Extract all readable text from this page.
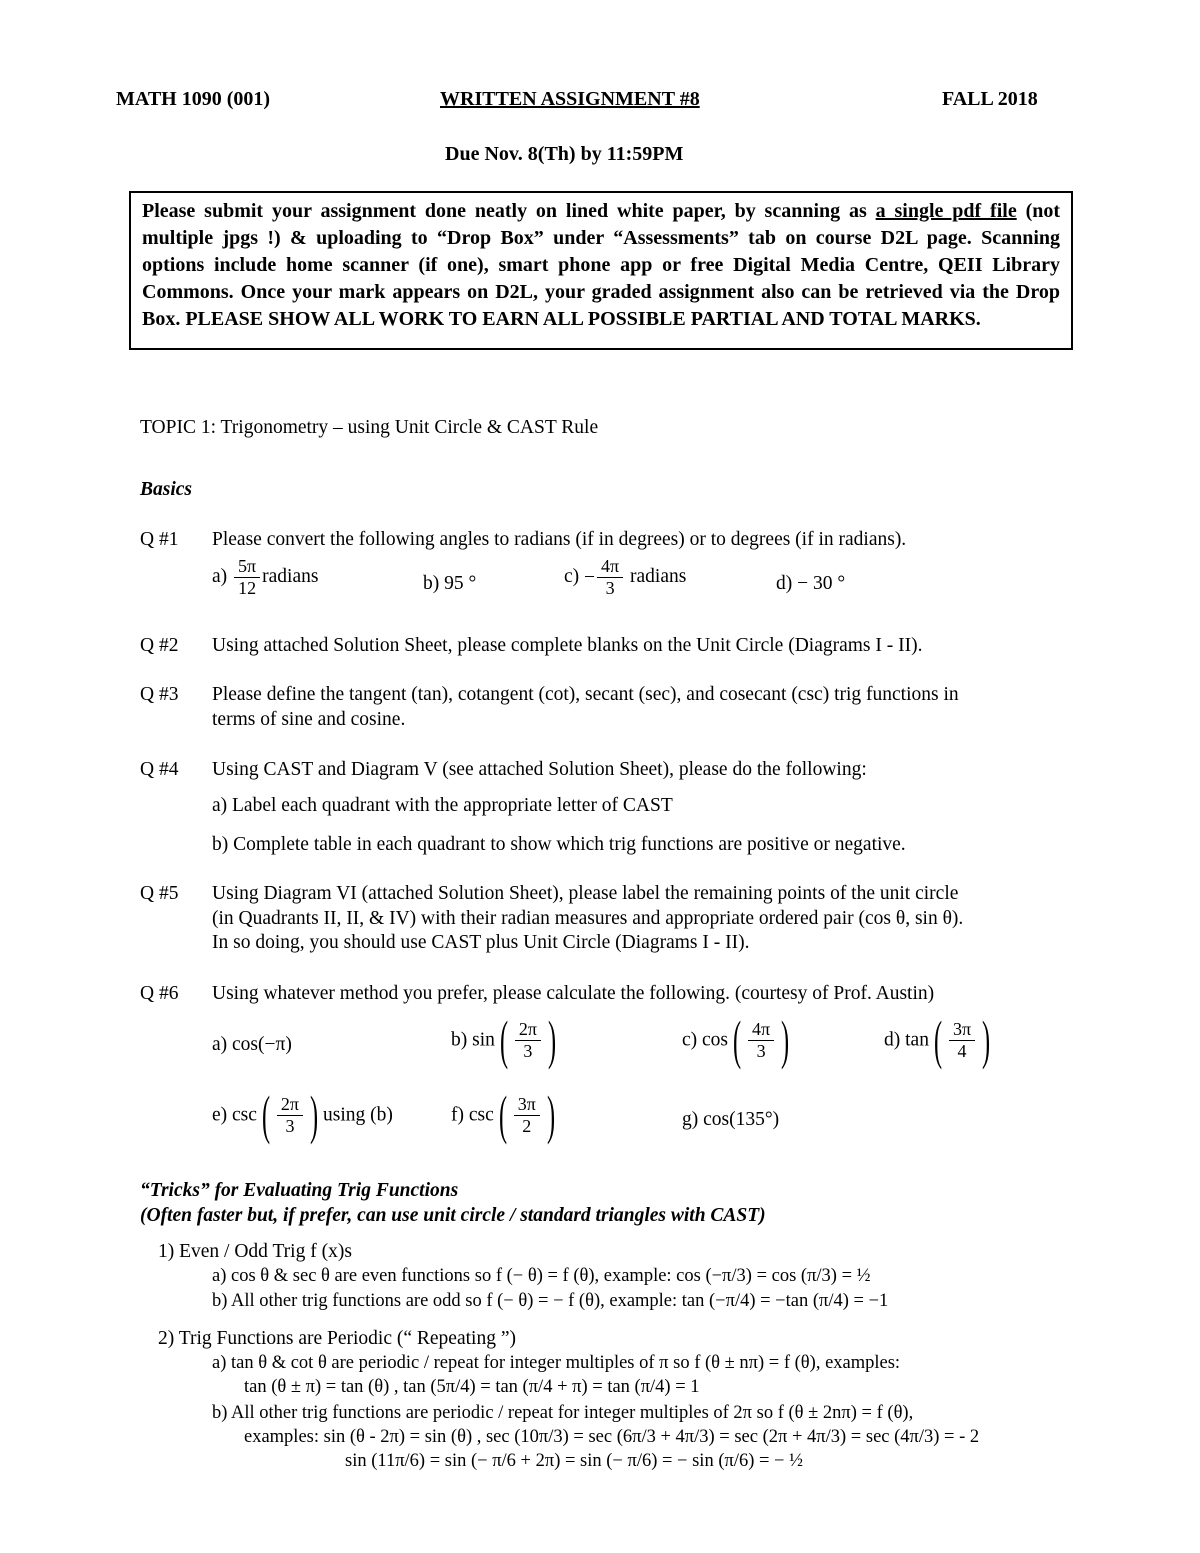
MATH 1090 (001)	WRITTEN ASSIGNMENT #8	FALL 2018
Due Nov. 8(Th) by 11:59PM
Please submit your assignment done neatly on lined white paper, by scanning as a single pdf file (not multiple jpgs !) & uploading to “Drop Box” under “Assessments” tab on course D2L page. Scanning options include home scanner (if one), smart phone app or free Digital Media Centre, QEII Library Commons. Once your mark appears on D2L, your graded assignment also can be retrieved via the Drop Box. PLEASE SHOW ALL WORK TO EARN ALL POSSIBLE PARTIAL AND TOTAL MARKS.
TOPIC 1: Trigonometry – using Unit Circle & CAST Rule
Basics
Q #1 Please convert the following angles to radians (if in degrees) or to degrees (if in radians).
$a) \frac{5\pi}{12}$ radians	b) 95 °	$c) - \frac{4\pi}{3}$ radians	d) − 30 °
Q #2 Using attached Solution Sheet, please complete blanks on the Unit Circle (Diagrams I - II).
Q #3 Please define the tangent (tan), cotangent (cot), secant (sec), and cosecant (csc) trig functions in
terms of sine and cosine.
Q #4 Using CAST and Diagram V (see attached Solution Sheet), please do the following:
a) Label each quadrant with the appropriate letter of CAST
b) Complete table in each quadrant to show which trig functions are positive or negative.
Q #5 Using Diagram VI (attached Solution Sheet), please label the remaining points of the unit circle
(in Quadrants II, II, & IV) with their radian measures and appropriate ordered pair (cos θ, sin θ).
In so doing, you should use CAST plus Unit Circle (Diagrams I - II).
Q #6 Using whatever method you prefer, please calculate the following. (courtesy of Prof. Austin)
a) cos(−π)	b) $\sin( \frac{2\pi}{3}$ )	c) $\cos( \frac{4\pi}{3}$ )	d) $\tan( \frac{3\pi}{4}$ )
e) $\csc( \frac{2\pi}{3}$ ) using (b)	f) $\csc( \frac{3\pi}{2}$ )	g) cos(135°)
“Tricks” for Evaluating Trig Functions
(Often faster but, if prefer, can use unit circle / standard triangles with CAST)
1) Even / Odd Trig f (x)s
a) cos θ & sec θ are even functions so f (− θ) = f (θ), example: cos (−π/3) = cos (π/3) = ½
b) All other trig functions are odd so f (− θ) = − f (θ), example: tan (−π/4) = −tan (π/4) = −1
2) Trig Functions are Periodic (“ Repeating ”)
a) tan θ & cot θ are periodic / repeat for integer multiples of π so f (θ ± nπ) = f (θ), examples:
tan (θ ± π) = tan (θ) , tan (5π/4) = tan (π/4 + π) = tan (π/4) = 1
b) All other trig functions are periodic / repeat for integer multiples of 2π so f (θ ± 2nπ) = f (θ),
examples: sin (θ - 2π) = sin (θ) , sec (10π/3) = sec (6π/3 + 4π/3) = sec (2π + 4π/3) = sec (4π/3) = - 2
sin (11π/6) = sin (− π/6 + 2π) = sin (− π/6) = − sin (π/6) = − ½
